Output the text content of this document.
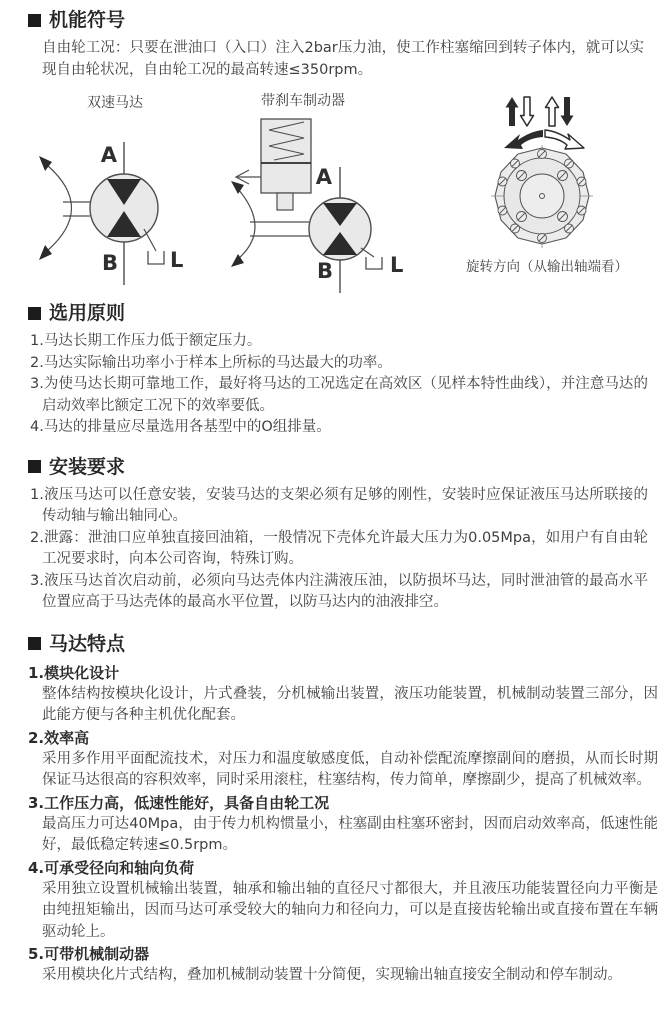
机能符号

自由轮工况：只要在泄油口（入口）注入2bar压力油，使工作柱塞缩回到转子体内，就可以实现自由轮状况，自由轮工况的最高转速≤350rpm。

双速马达
A
B L
带刹车制动器
A
B	L	旋转方向（从输出轴端看）
选用原则
1.马达长期工作压力低于额定压力。
2.马达实际输出功率小于样本上所标的马达最大的功率。
3.为使马达长期可靠地工作，最好将马达的工况选定在高效区（见样本特性曲线），并注意马达的启动效率比额定工况下的效率要低。
4.马达的排量应尽量选用各基型中的O组排量。
安装要求
1.液压马达可以任意安装，安装马达的支架必须有足够的刚性，安装时应保证液压马达所联接的传动轴与输出轴同心。
2.泄露：泄油口应单独直接回油箱，一般情况下壳体允许最大压力为0.05Mpa，如用户有自由轮工况要求时，向本公司咨询，特殊订购。
3.液压马达首次启动前，必须向马达壳体内注满液压油，以防损坏马达，同时泄油管的最高水平位置应高于马达壳体的最高水平位置，以防马达内的油液排空。
马达特点
1.模块化设计
整体结构按模块化设计，片式叠装，分机械输出装置，液压功能装置，机械制动装置三部分，因此能方便与各种主机优化配套。
2.效率高
采用多作用平面配流技术，对压力和温度敏感度低，自动补偿配流摩擦副间的磨损，从而长时期保证马达很高的容积效率，同时采用滚柱，柱塞结构，传力简单，摩擦副少，提高了机械效率。
3.工作压力高，低速性能好，具备自由轮工况
最高压力可达40Mpa，由于传力机构惯量小，柱塞副由柱塞环密封，因而启动效率高，低速性能好，最低稳定转速≤0.5rpm。
4.可承受径向和轴向负荷
采用独立设置机械输出装置，轴承和输出轴的直径尺寸都很大，并且液压功能装置径向力平衡是由纯扭矩输出，因而马达可承受较大的轴向力和径向力，可以是直接齿轮输出或直接布置在车辆驱动轮上。
5.可带机械制动器
采用模块化片式结构，叠加机械制动装置十分简便，实现输出轴直接安全制动和停车制动。
